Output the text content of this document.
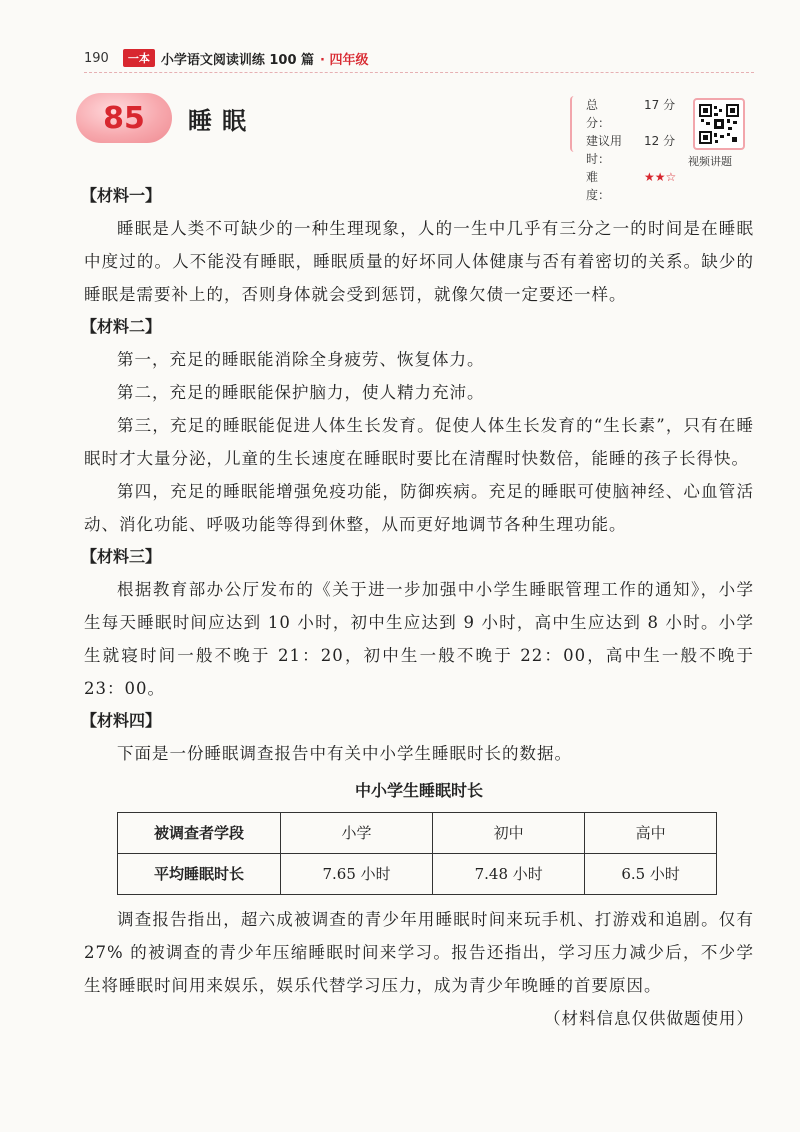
190	一本 小学语文阅读训练 100 篇 · 四年级
85	睡眠
总　　分：
17 分
建议用时：
12 分
难　　度：
★★☆
视频讲题
【材料一】

睡眠是人类不可缺少的一种生理现象，人的一生中几乎有三分之一的时间是在睡眠中度过的。人不能没有睡眠，睡眠质量的好坏同人体健康与否有着密切的关系。缺少的睡眠是需要补上的，否则身体就会受到惩罚，就像欠债一定要还一样。

【材料二】

第一，充足的睡眠能消除全身疲劳、恢复体力。

第二，充足的睡眠能保护脑力，使人精力充沛。

第三，充足的睡眠能促进人体生长发育。促使人体生长发育的“生长素”，只有在睡眠时才大量分泌，儿童的生长速度在睡眠时要比在清醒时快数倍，能睡的孩子长得快。

第四，充足的睡眠能增强免疫功能，防御疾病。充足的睡眠可使脑神经、心血管活动、消化功能、呼吸功能等得到休整，从而更好地调节各种生理功能。

【材料三】

根据教育部办公厅发布的《关于进一步加强中小学生睡眠管理工作的通知》，小学生每天睡眠时间应达到 10 小时，初中生应达到 9 小时，高中生应达到 8 小时。小学生就寝时间一般不晚于 21：20，初中生一般不晚于 22：00，高中生一般不晚于 23：00。

【材料四】

下面是一份睡眠调查报告中有关中小学生睡眠时长的数据。

中小学生睡眠时长
被调查者学段	小学	初中	高中
平均睡眠时长	7.65 小时	7.48 小时	6.5 小时

调查报告指出，超六成被调查的青少年用睡眠时间来玩手机、打游戏和追剧。仅有 27% 的被调查的青少年压缩睡眠时间来学习。报告还指出，学习压力减少后，不少学生将睡眠时间用来娱乐，娱乐代替学习压力，成为青少年晚睡的首要原因。

（材料信息仅供做题使用）
